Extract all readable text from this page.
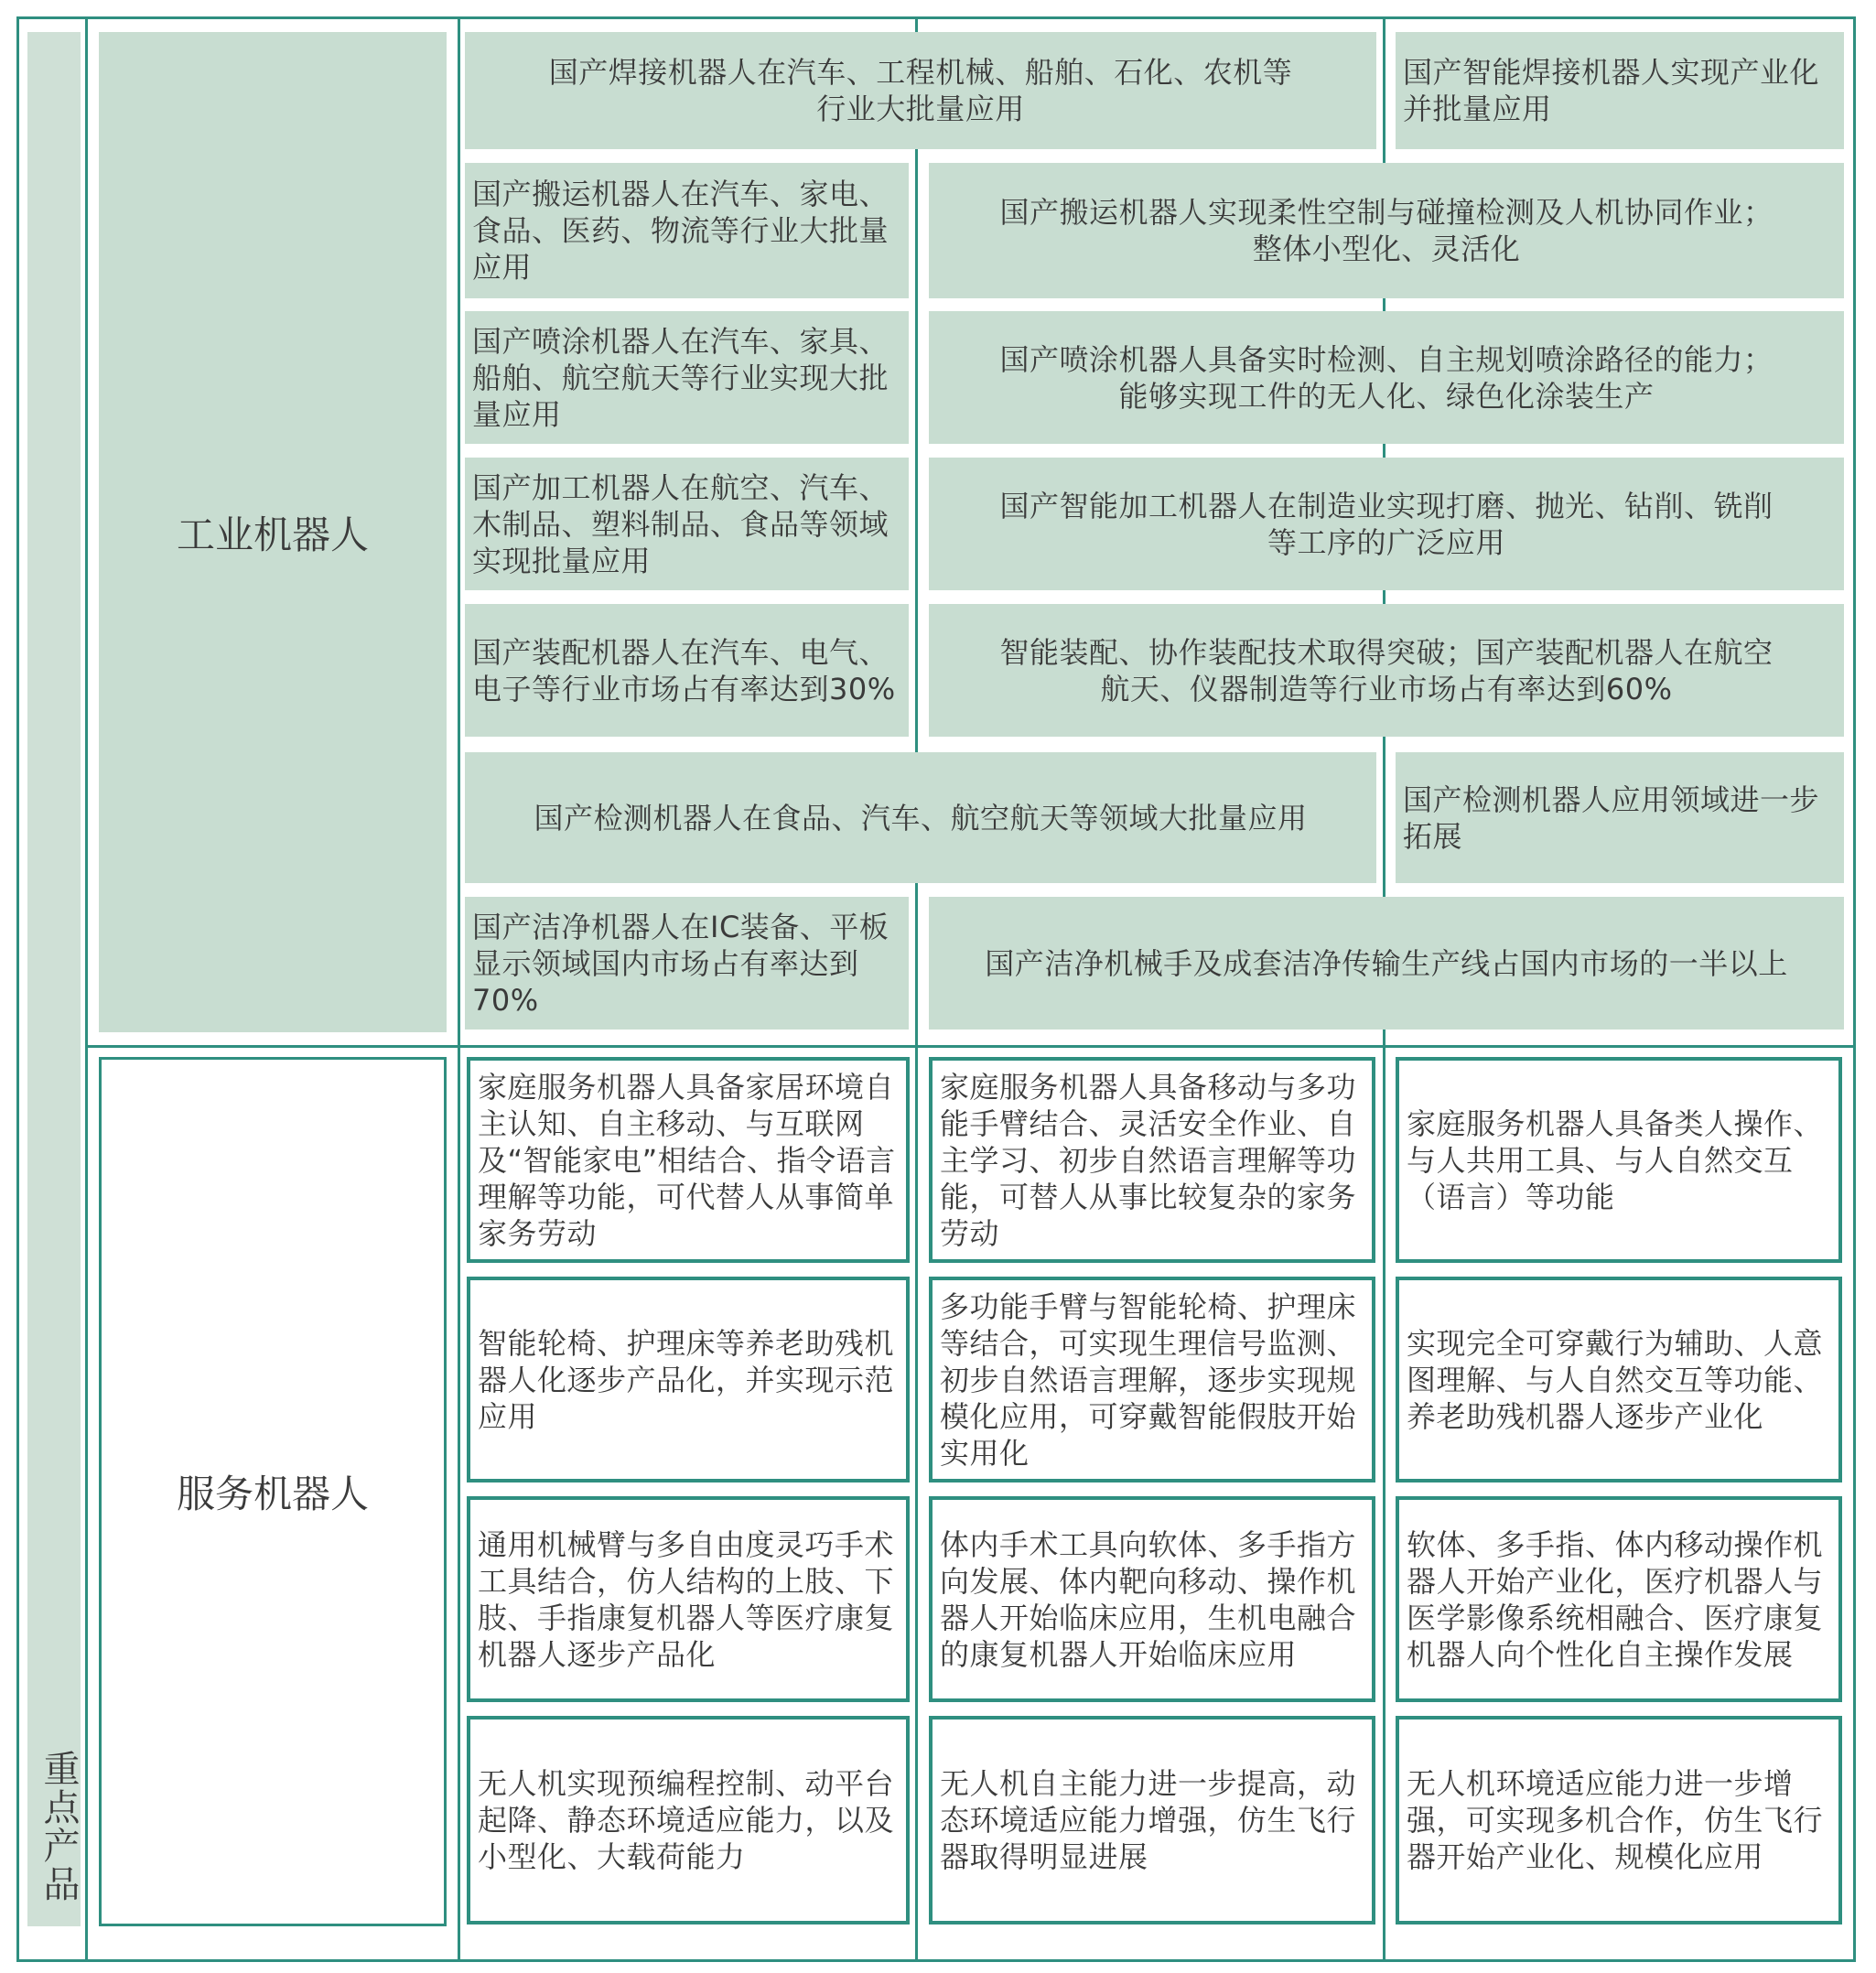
重点产品
工业机器人
服务机器人
国产焊接机器人在汽车、工程机械、船舶、石化、农机等行业大批量应用
国产智能焊接机器人实现产业化并批量应用
国产搬运机器人在汽车、家电、食品、医药、物流等行业大批量应用
国产搬运机器人实现柔性空制与碰撞检测及人机协同作业；整体小型化、灵活化
国产喷涂机器人在汽车、家具、船舶、航空航天等行业实现大批量应用
国产喷涂机器人具备实时检测、自主规划喷涂路径的能力；能够实现工件的无人化、绿色化涂装生产
国产加工机器人在航空、汽车、木制品、塑料制品、食品等领域实现批量应用
国产智能加工机器人在制造业实现打磨、抛光、钻削、铣削等工序的广泛应用
国产装配机器人在汽车、电气、电子等行业市场占有率达到30%
智能装配、协作装配技术取得突破；国产装配机器人在航空航天、仪器制造等行业市场占有率达到60%
国产检测机器人在食品、汽车、航空航天等领域大批量应用
国产检测机器人应用领域进一步拓展
国产洁净机器人在IC装备、平板显示领域国内市场占有率达到70%
国产洁净机械手及成套洁净传输生产线占国内市场的一半以上
家庭服务机器人具备家居环境自主认知、自主移动、与互联网及“智能家电”相结合、指令语言理解等功能，可代替人从事简单家务劳动
家庭服务机器人具备移动与多功能手臂结合、灵活安全作业、自主学习、初步自然语言理解等功能，可替人从事比较复杂的家务劳动
家庭服务机器人具备类人操作、与人共用工具、与人自然交互（语言）等功能
智能轮椅、护理床等养老助残机器人化逐步产品化，并实现示范应用
多功能手臂与智能轮椅、护理床等结合，可实现生理信号监测、初步自然语言理解，逐步实现规模化应用，可穿戴智能假肢开始实用化
实现完全可穿戴行为辅助、人意图理解、与人自然交互等功能、养老助残机器人逐步产业化
通用机械臂与多自由度灵巧手术工具结合，仿人结构的上肢、下肢、手指康复机器人等医疗康复机器人逐步产品化
体内手术工具向软体、多手指方向发展、体内靶向移动、操作机器人开始临床应用，生机电融合的康复机器人开始临床应用
软体、多手指、体内移动操作机器人开始产业化，医疗机器人与医学影像系统相融合、医疗康复机器人向个性化自主操作发展
无人机实现预编程控制、动平台起降、静态环境适应能力，以及小型化、大载荷能力
无人机自主能力进一步提高，动态环境适应能力增强，仿生飞行器取得明显进展
无人机环境适应能力进一步增强，可实现多机合作，仿生飞行器开始产业化、规模化应用
